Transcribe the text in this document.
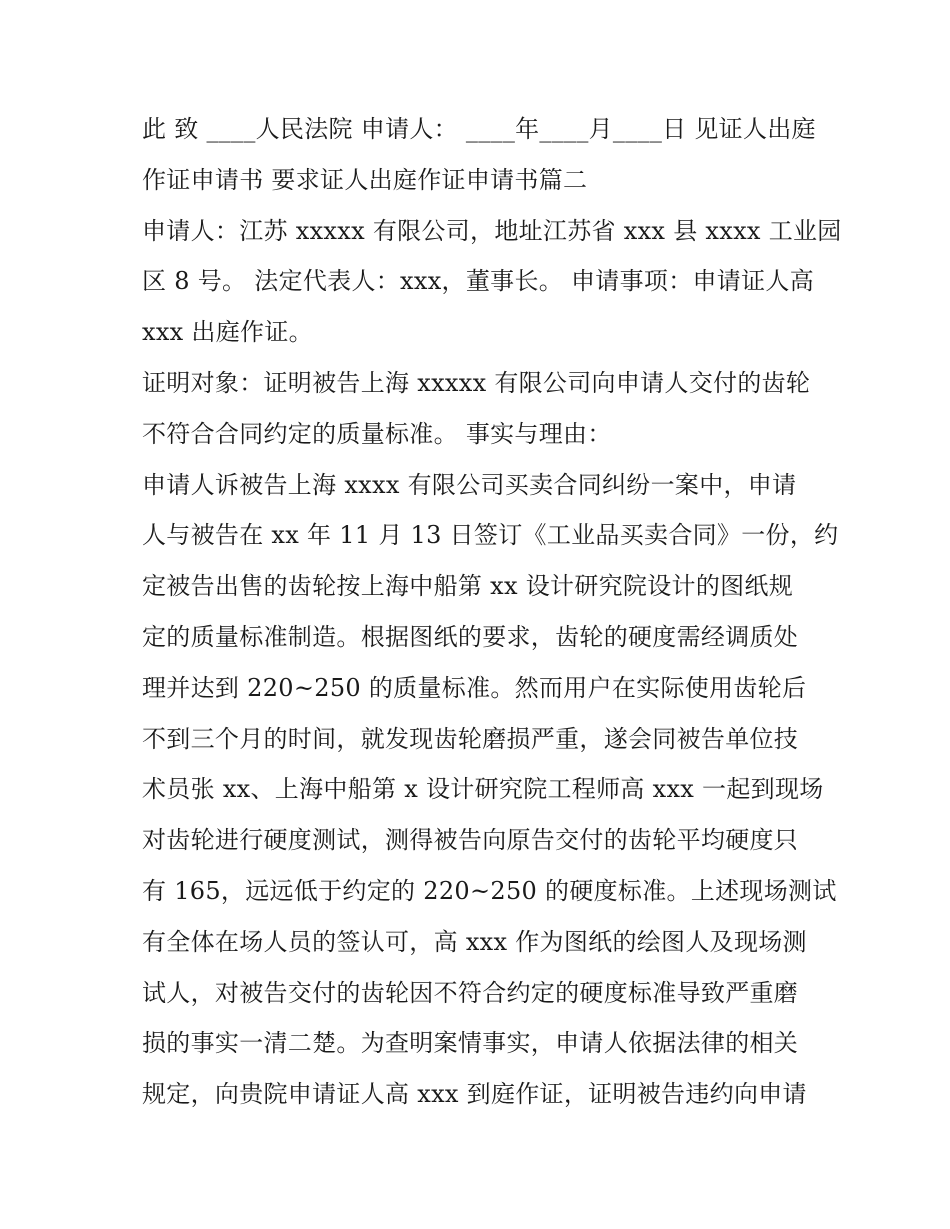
此 致 ____人民法院 申请人： ____年____月____日 见证人出庭
作证申请书 要求证人出庭作证申请书篇二
申请人：江苏 xxxxx 有限公司，地址江苏省 xxx 县 xxxx 工业园
区 8 号。 法定代表人：xxx，董事长。 申请事项：申请证人高
xxx 出庭作证。
证明对象：证明被告上海 xxxxx 有限公司向申请人交付的齿轮
不符合合同约定的质量标准。 事实与理由：
申请人诉被告上海 xxxx 有限公司买卖合同纠纷一案中，申请
人与被告在 xx 年 11 月 13 日签订《工业品买卖合同》一份，约
定被告出售的齿轮按上海中船第 xx 设计研究院设计的图纸规
定的质量标准制造。根据图纸的要求，齿轮的硬度需经调质处
理并达到 220~250 的质量标准。然而用户在实际使用齿轮后
不到三个月的时间，就发现齿轮磨损严重，遂会同被告单位技
术员张 xx、上海中船第 x 设计研究院工程师高 xxx 一起到现场
对齿轮进行硬度测试，测得被告向原告交付的齿轮平均硬度只
有 165，远远低于约定的 220~250 的硬度标准。上述现场测试
有全体在场人员的签认可，高 xxx 作为图纸的绘图人及现场测
试人，对被告交付的齿轮因不符合约定的硬度标准导致严重磨
损的事实一清二楚。为查明案情事实，申请人依据法律的相关
规定，向贵院申请证人高 xxx 到庭作证，证明被告违约向申请
